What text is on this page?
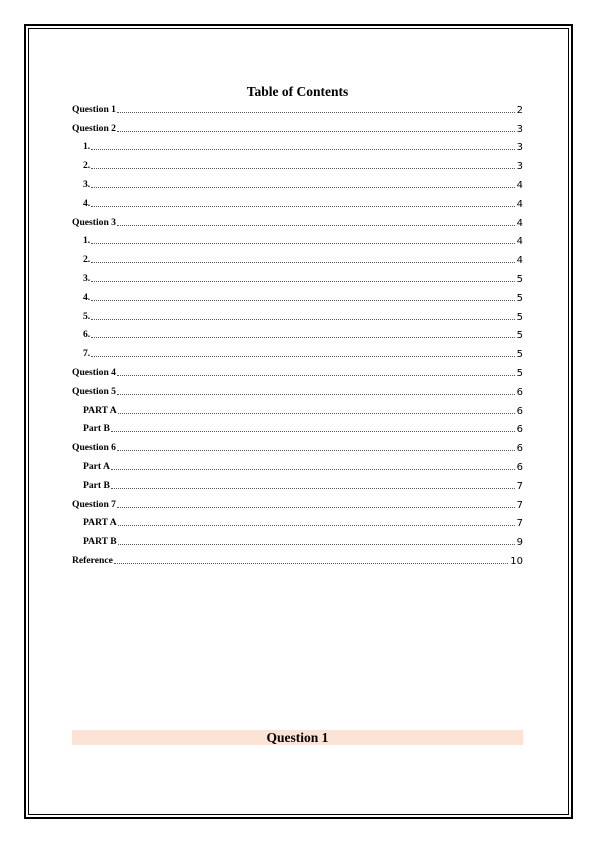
Table of Contents
Question 1	2
Question 2	3
1.	3
2.	3
3.	4
4.	4
Question 3	4
1.	4
2.	4
3.	5
4.	5
5.	5
6.	5
7.	5
Question 4	5
Question 5	6
PART A	6
Part B	6
Question 6	6
Part A	6
Part B	7
Question 7	7
PART A	7
PART B	9
Reference	10
Question 1
